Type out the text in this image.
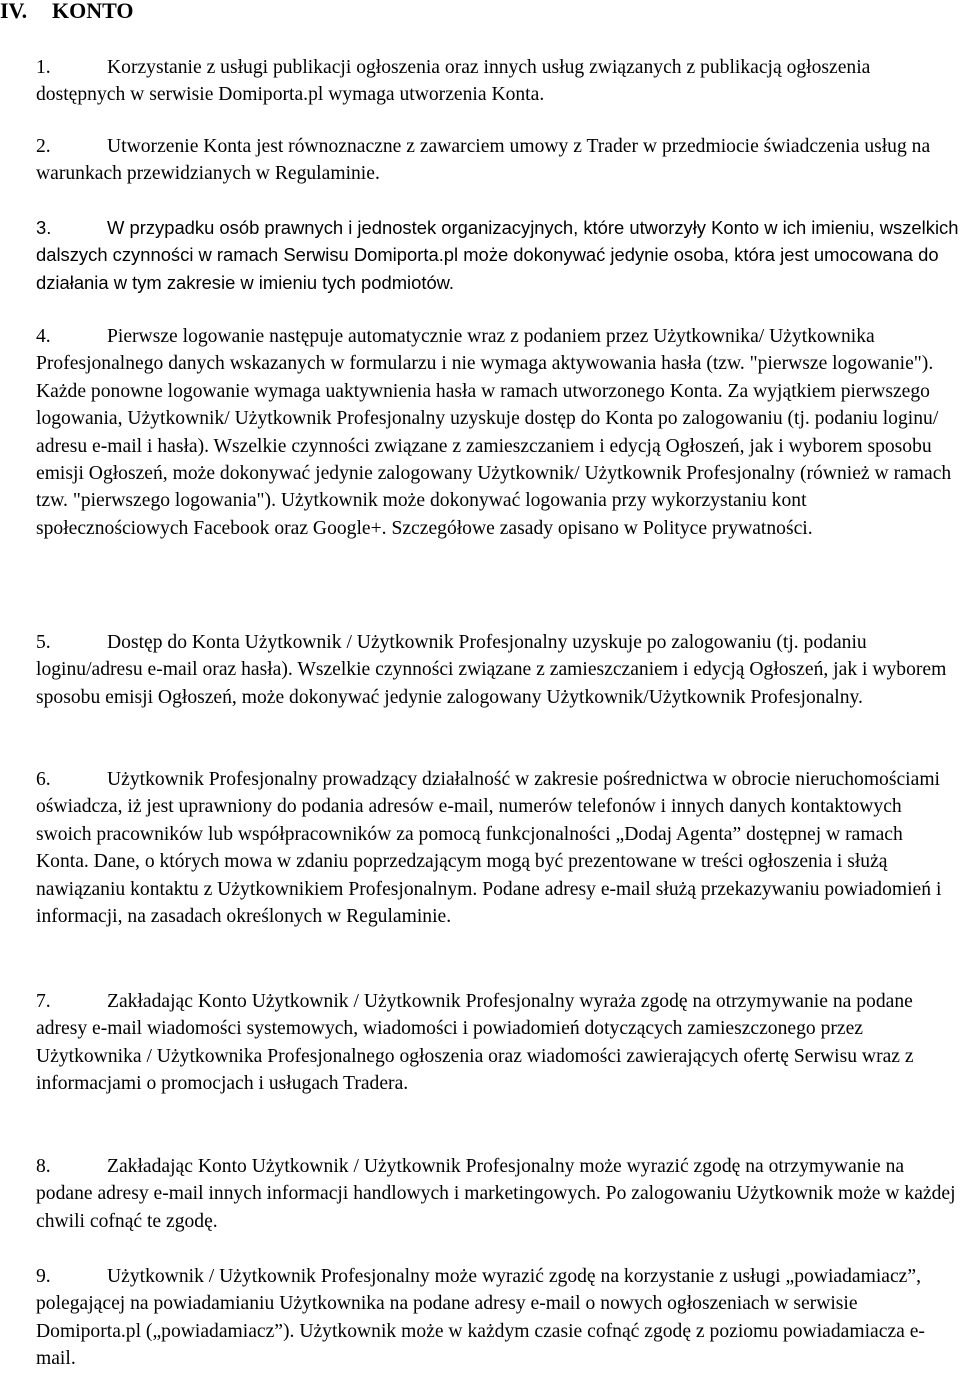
IV. KONTO

1.	Korzystanie z usługi publikacji ogłoszenia oraz innych usług związanych z publikacją ogłoszenia dostępnych w serwisie Domiporta.pl wymaga utworzenia Konta.

2.	Utworzenie Konta jest równoznaczne z zawarciem umowy z Trader w przedmiocie świadczenia usług na warunkach przewidzianych w Regulaminie.

3.	W przypadku osób prawnych i jednostek organizacyjnych, które utworzyły Konto w ich imieniu, wszelkich dalszych czynności w ramach Serwisu Domiporta.pl może dokonywać jedynie osoba, która jest umocowana do działania w tym zakresie w imieniu tych podmiotów.

4.	Pierwsze logowanie następuje automatycznie wraz z podaniem przez Użytkownika/ Użytkownika Profesjonalnego danych wskazanych w formularzu i nie wymaga aktywowania hasła (tzw. "pierwsze logowanie"). Każde ponowne logowanie wymaga uaktywnienia hasła w ramach utworzonego Konta. Za wyjątkiem pierwszego logowania, Użytkownik/ Użytkownik Profesjonalny uzyskuje dostęp do Konta po zalogowaniu (tj. podaniu loginu/ adresu e-mail i hasła). Wszelkie czynności związane z zamieszczaniem i edycją Ogłoszeń, jak i wyborem sposobu emisji Ogłoszeń, może dokonywać jedynie zalogowany Użytkownik/ Użytkownik Profesjonalny (również w ramach tzw. "pierwszego logowania"). Użytkownik może dokonywać logowania przy wykorzystaniu kont społecznościowych Facebook oraz Google+. Szczegółowe zasady opisano w Polityce prywatności.

5.	Dostęp do Konta Użytkownik / Użytkownik Profesjonalny uzyskuje po zalogowaniu (tj. podaniu loginu/adresu e-mail oraz hasła). Wszelkie czynności związane z zamieszczaniem i edycją Ogłoszeń, jak i wyborem sposobu emisji Ogłoszeń, może dokonywać jedynie zalogowany Użytkownik/Użytkownik Profesjonalny.

6.	Użytkownik Profesjonalny prowadzący działalność w zakresie pośrednictwa w obrocie nieruchomościami oświadcza, iż jest uprawniony do podania adresów e-mail, numerów telefonów i innych danych kontaktowych swoich pracowników lub współpracowników za pomocą funkcjonalności „Dodaj Agenta” dostępnej w ramach Konta. Dane, o których mowa w zdaniu poprzedzającym mogą być prezentowane w treści ogłoszenia i służą nawiązaniu kontaktu z Użytkownikiem Profesjonalnym. Podane adresy e-mail służą przekazywaniu powiadomień i informacji, na zasadach określonych w Regulaminie.

7.	Zakładając Konto Użytkownik / Użytkownik Profesjonalny wyraża zgodę na otrzymywanie na podane adresy e-mail wiadomości systemowych, wiadomości i powiadomień dotyczących zamieszczonego przez Użytkownika / Użytkownika Profesjonalnego ogłoszenia oraz wiadomości zawierających ofertę Serwisu wraz z informacjami o promocjach i usługach Tradera.

8.	Zakładając Konto Użytkownik / Użytkownik Profesjonalny może wyrazić zgodę na otrzymywanie na podane adresy e-mail innych informacji handlowych i marketingowych. Po zalogowaniu Użytkownik może w każdej chwili cofnąć te zgodę.

9.	Użytkownik / Użytkownik Profesjonalny może wyrazić zgodę na korzystanie z usługi „powiadamiacz”, polegającej na powiadamianiu Użytkownika na podane adresy e-mail o nowych ogłoszeniach w serwisie Domiporta.pl („powiadamiacz”). Użytkownik może w każdym czasie cofnąć zgodę z poziomu powiadamiacza e-mail.
